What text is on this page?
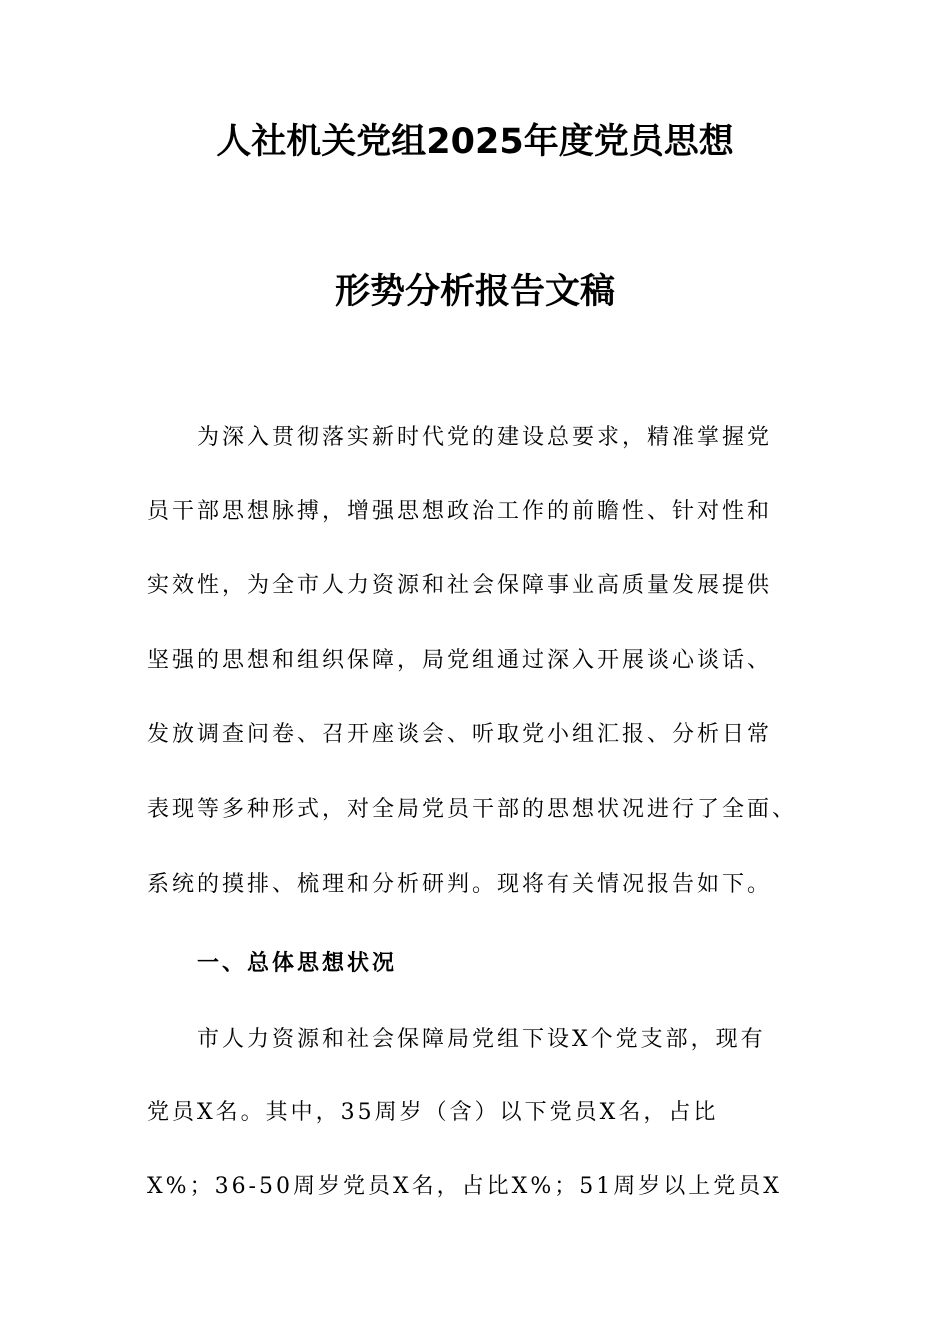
人社机关党组2025年度党员思想
形势分析报告文稿

为深入贯彻落实新时代党的建设总要求，精准掌握党

员干部思想脉搏，增强思想政治工作的前瞻性、针对性和

实效性，为全市人力资源和社会保障事业高质量发展提供

坚强的思想和组织保障，局党组通过深入开展谈心谈话、

发放调查问卷、召开座谈会、听取党小组汇报、分析日常

表现等多种形式，对全局党员干部的思想状况进行了全面、

系统的摸排、梳理和分析研判。现将有关情况报告如下。

一、总体思想状况

市人力资源和社会保障局党组下设X个党支部，现有

党员X名。其中，35周岁（含）以下党员X名，占比

X%；36-50周岁党员X名，占比X%；51周岁以上党员X
